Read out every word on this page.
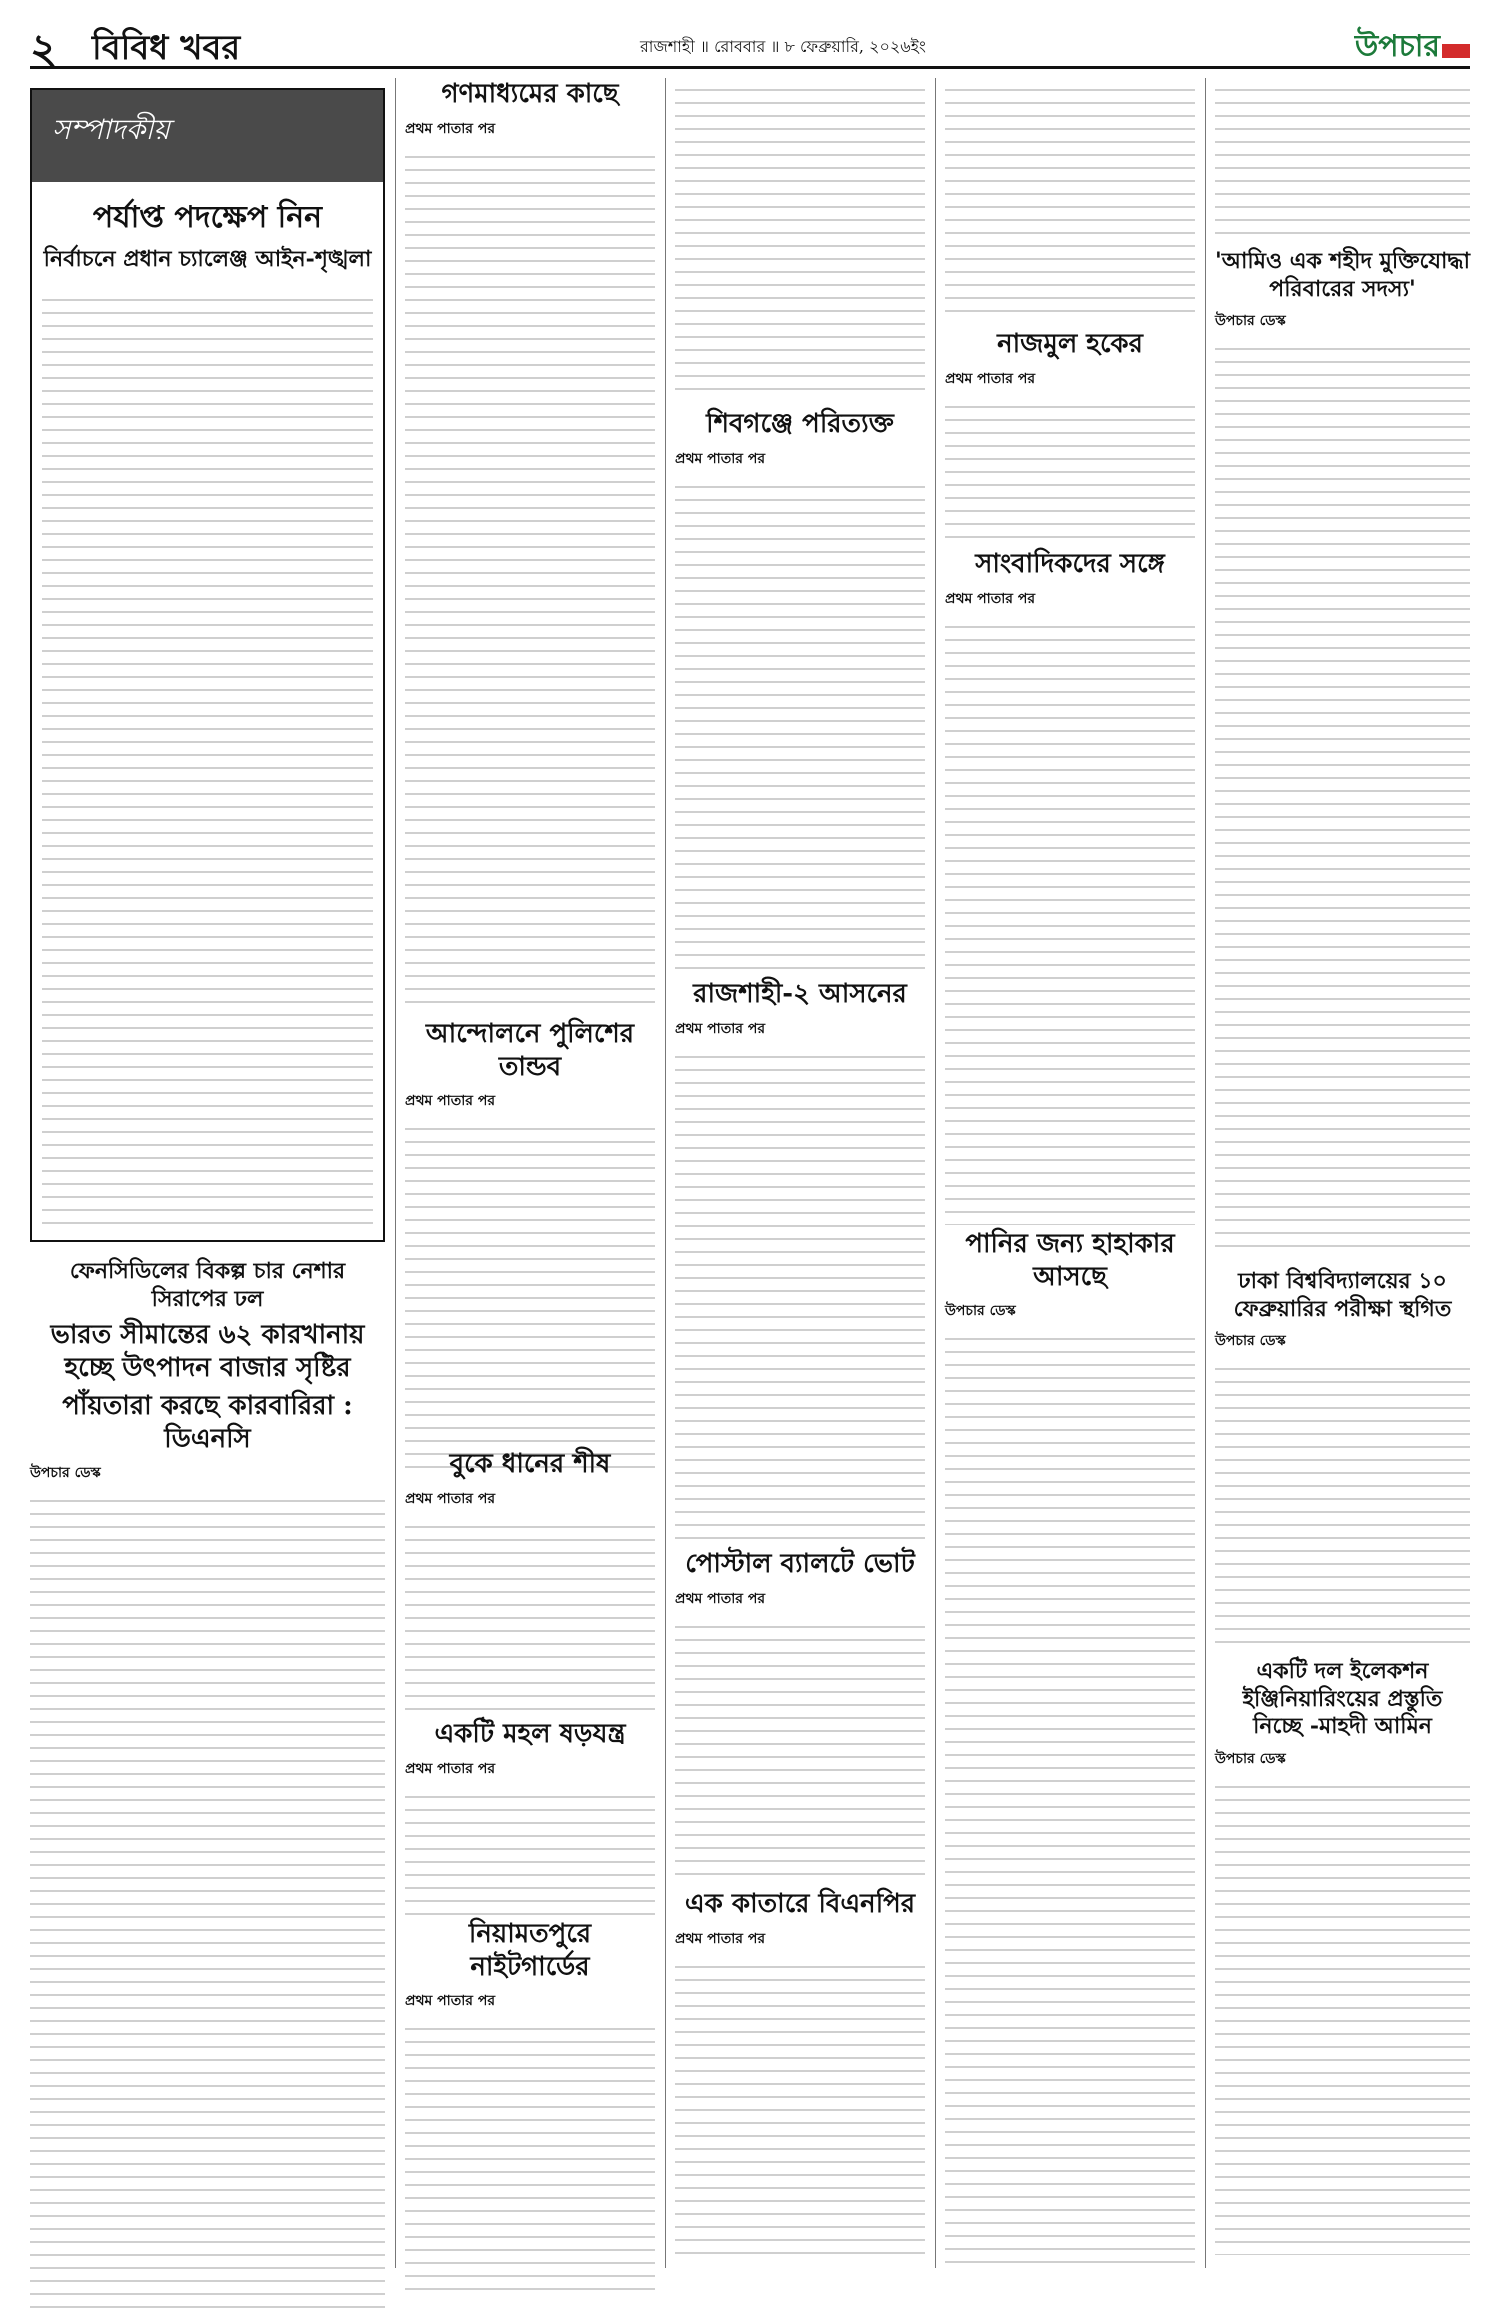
২ বিবিধ খবর	রাজশাহী ॥ রোববার ॥ ৮ ফেব্রুয়ারি, ২০২৬ইং	উপচার
সম্পাদকীয়
পর্যাপ্ত পদক্ষেপ নিন
নির্বাচনে প্রধান চ্যালেঞ্জ আইন-শৃঙ্খলা
ফেনসিডিলের বিকল্প চার নেশার সিরাপের ঢল
ভারত সীমান্তের ৬২ কারখানায় হচ্ছে উৎপাদন বাজার সৃষ্টির
পাঁয়তারা করছে কারবারিরা : ডিএনসি
উপচার ডেস্ক
গণমাধ্যমের কাছে
প্রথম পাতার পর
আন্দোলনে পুলিশের তান্ডব
প্রথম পাতার পর
বুকে ধানের শীষ
প্রথম পাতার পর
একটি মহল ষড়যন্ত্র
প্রথম পাতার পর
নিয়ামতপুরে নাইটগার্ডের
প্রথম পাতার পর
শিবগঞ্জে পরিত্যক্ত
প্রথম পাতার পর
রাজশাহী-২ আসনের
প্রথম পাতার পর
পোস্টাল ব্যালটে ভোট
প্রথম পাতার পর
এক কাতারে বিএনপির
প্রথম পাতার পর
নাজমুল হকের
প্রথম পাতার পর
সাংবাদিকদের সঙ্গে
প্রথম পাতার পর
পানির জন্য হাহাকার আসছে
উপচার ডেস্ক
'আমিও এক শহীদ মুক্তিযোদ্ধা পরিবারের সদস্য'
উপচার ডেস্ক
ঢাকা বিশ্ববিদ্যালয়ের ১০ ফেব্রুয়ারির পরীক্ষা স্থগিত
উপচার ডেস্ক
একটি দল ইলেকশন ইঞ্জিনিয়ারিংয়ের প্রস্তুতি নিচ্ছে -মাহদী আমিন
উপচার ডেস্ক
